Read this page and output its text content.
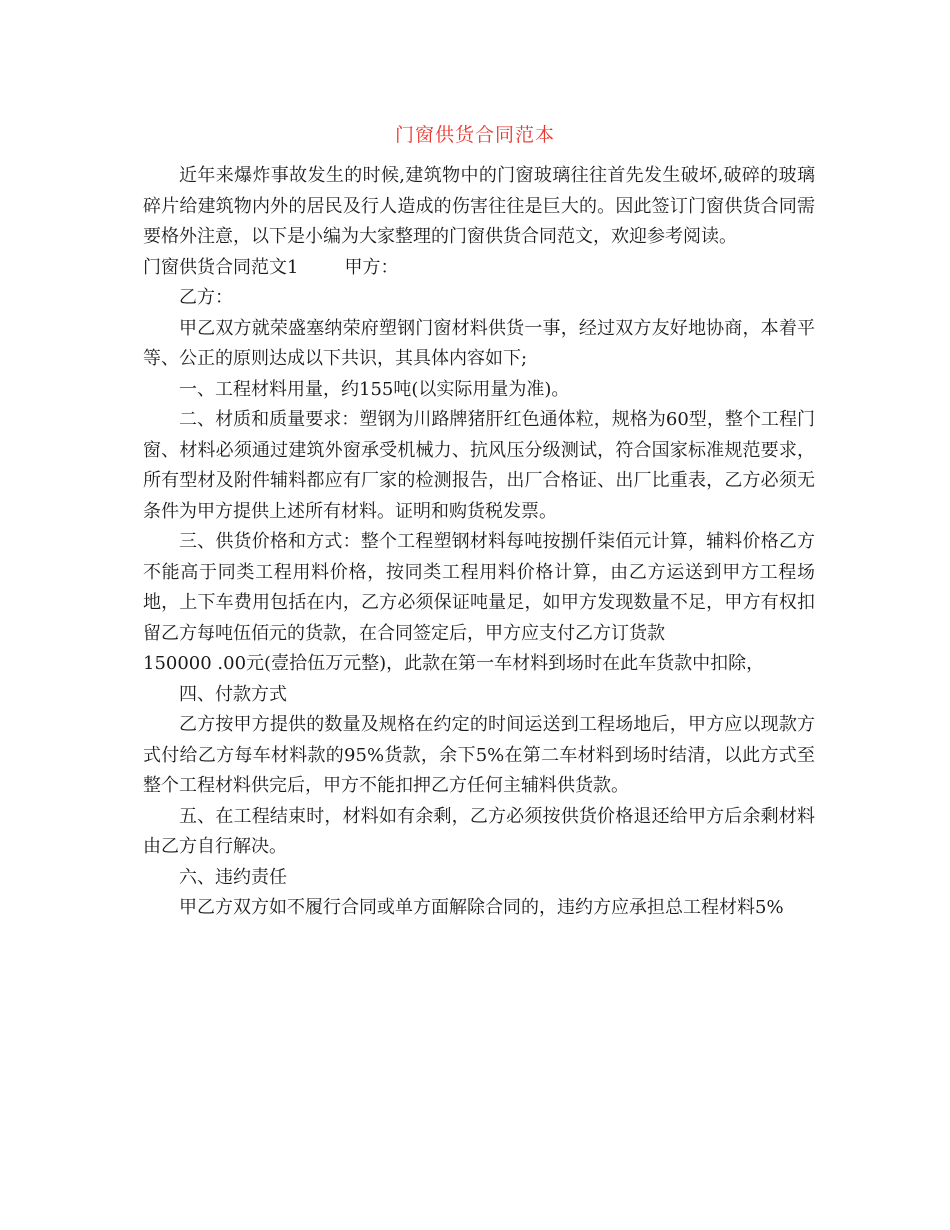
门窗供货合同范本

近年来爆炸事故发生的时候,建筑物中的门窗玻璃往往首先发生破坏,破碎的玻璃碎片给建筑物内外的居民及行人造成的伤害往往是巨大的。因此签订门窗供货合同需要格外注意，以下是小编为大家整理的门窗供货合同范文，欢迎参考阅读。

门窗供货合同范文1	甲方：

乙方：

甲乙双方就荣盛塞纳荣府塑钢门窗材料供货一事，经过双方友好地协商，本着平等、公正的原则达成以下共识，其具体内容如下;

一、工程材料用量，约155吨(以实际用量为准)。

二、材质和质量要求：塑钢为川路牌猪肝红色通体粒，规格为60型，整个工程门窗、材料必须通过建筑外窗承受机械力、抗风压分级测试，符合国家标准规范要求，所有型材及附件辅料都应有厂家的检测报告，出厂合格证、出厂比重表，乙方必须无条件为甲方提供上述所有材料。证明和购货税发票。

三、供货价格和方式：整个工程塑钢材料每吨按捌仟柒佰元计算，辅料价格乙方不能高于同类工程用料价格，按同类工程用料价格计算，由乙方运送到甲方工程场地，上下车费用包括在内，乙方必须保证吨量足，如甲方发现数量不足，甲方有权扣留乙方每吨伍佰元的货款，在合同签定后，甲方应支付乙方订货款

150000 .00元(壹拾伍万元整)，此款在第一车材料到场时在此车货款中扣除，

四、付款方式

乙方按甲方提供的数量及规格在约定的时间运送到工程场地后，甲方应以现款方式付给乙方每车材料款的95%货款，余下5%在第二车材料到场时结清，以此方式至整个工程材料供完后，甲方不能扣押乙方任何主辅料供货款。

五、在工程结束时，材料如有余剩，乙方必须按供货价格退还给甲方后余剩材料由乙方自行解决。

六、违约责任

甲乙方双方如不履行合同或单方面解除合同的，违约方应承担总工程材料5%
